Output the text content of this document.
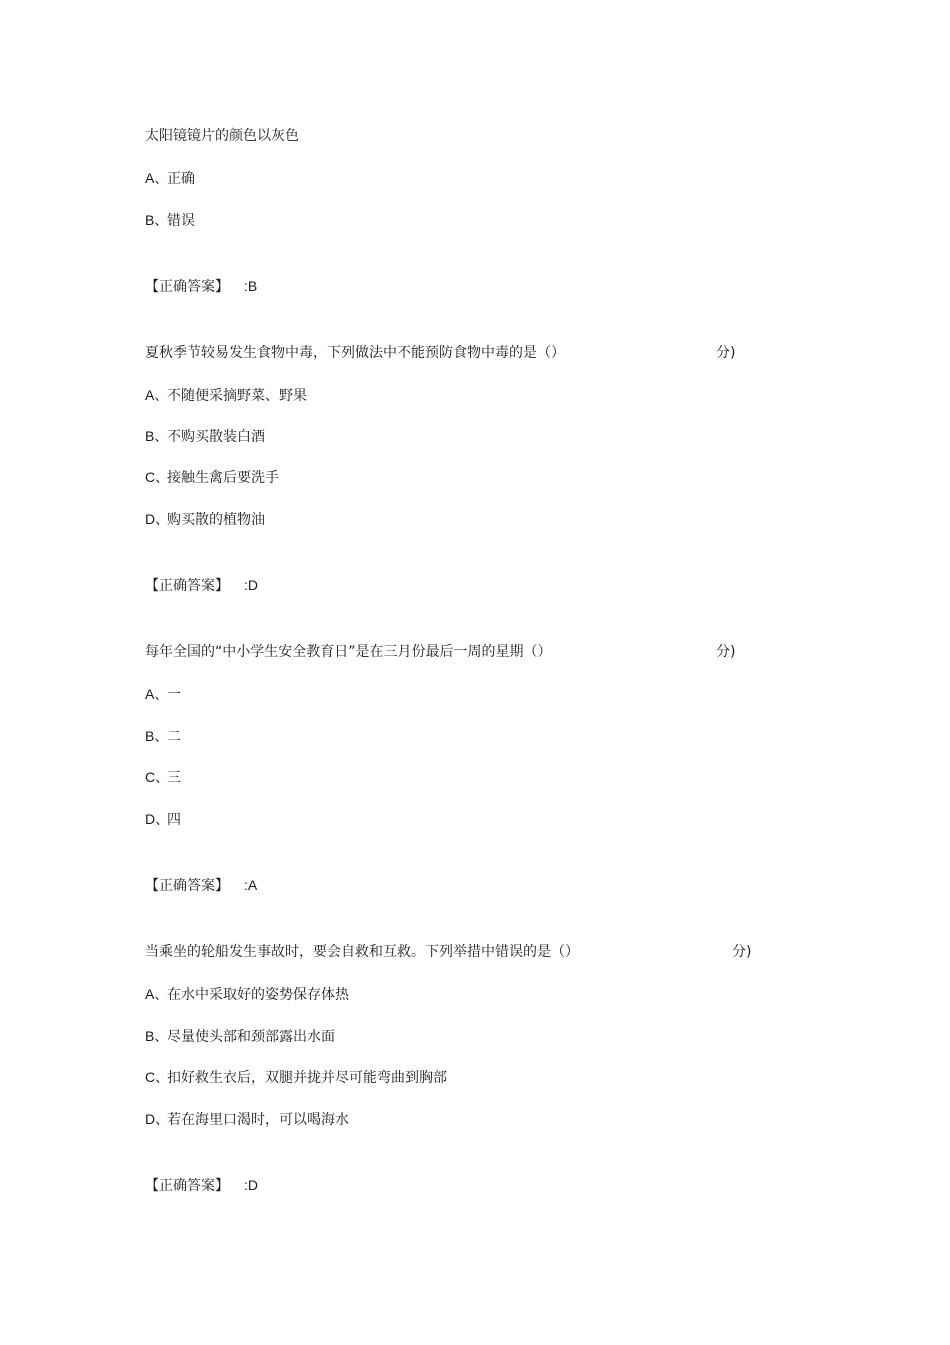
太阳镜镜片的颜色以灰色
A、正确
B、错误
【正确答案】 :B
夏秋季节较易发生食物中毒，下列做法中不能预防食物中毒的是（）	分)
A、不随便采摘野菜、野果
B、不购买散装白酒
C、接触生禽后要洗手
D、购买散的植物油
【正确答案】 :D
每年全国的“中小学生安全教育日”是在三月份最后一周的星期（）	分)
A、一
B、二
C、三
D、四
【正确答案】 :A
当乘坐的轮船发生事故时，要会自救和互救。下列举措中错误的是（）	分)
A、在水中采取好的姿势保存体热
B、尽量使头部和颈部露出水面
C、扣好救生衣后，双腿并拢并尽可能弯曲到胸部
D、若在海里口渴时，可以喝海水
【正确答案】 :D
